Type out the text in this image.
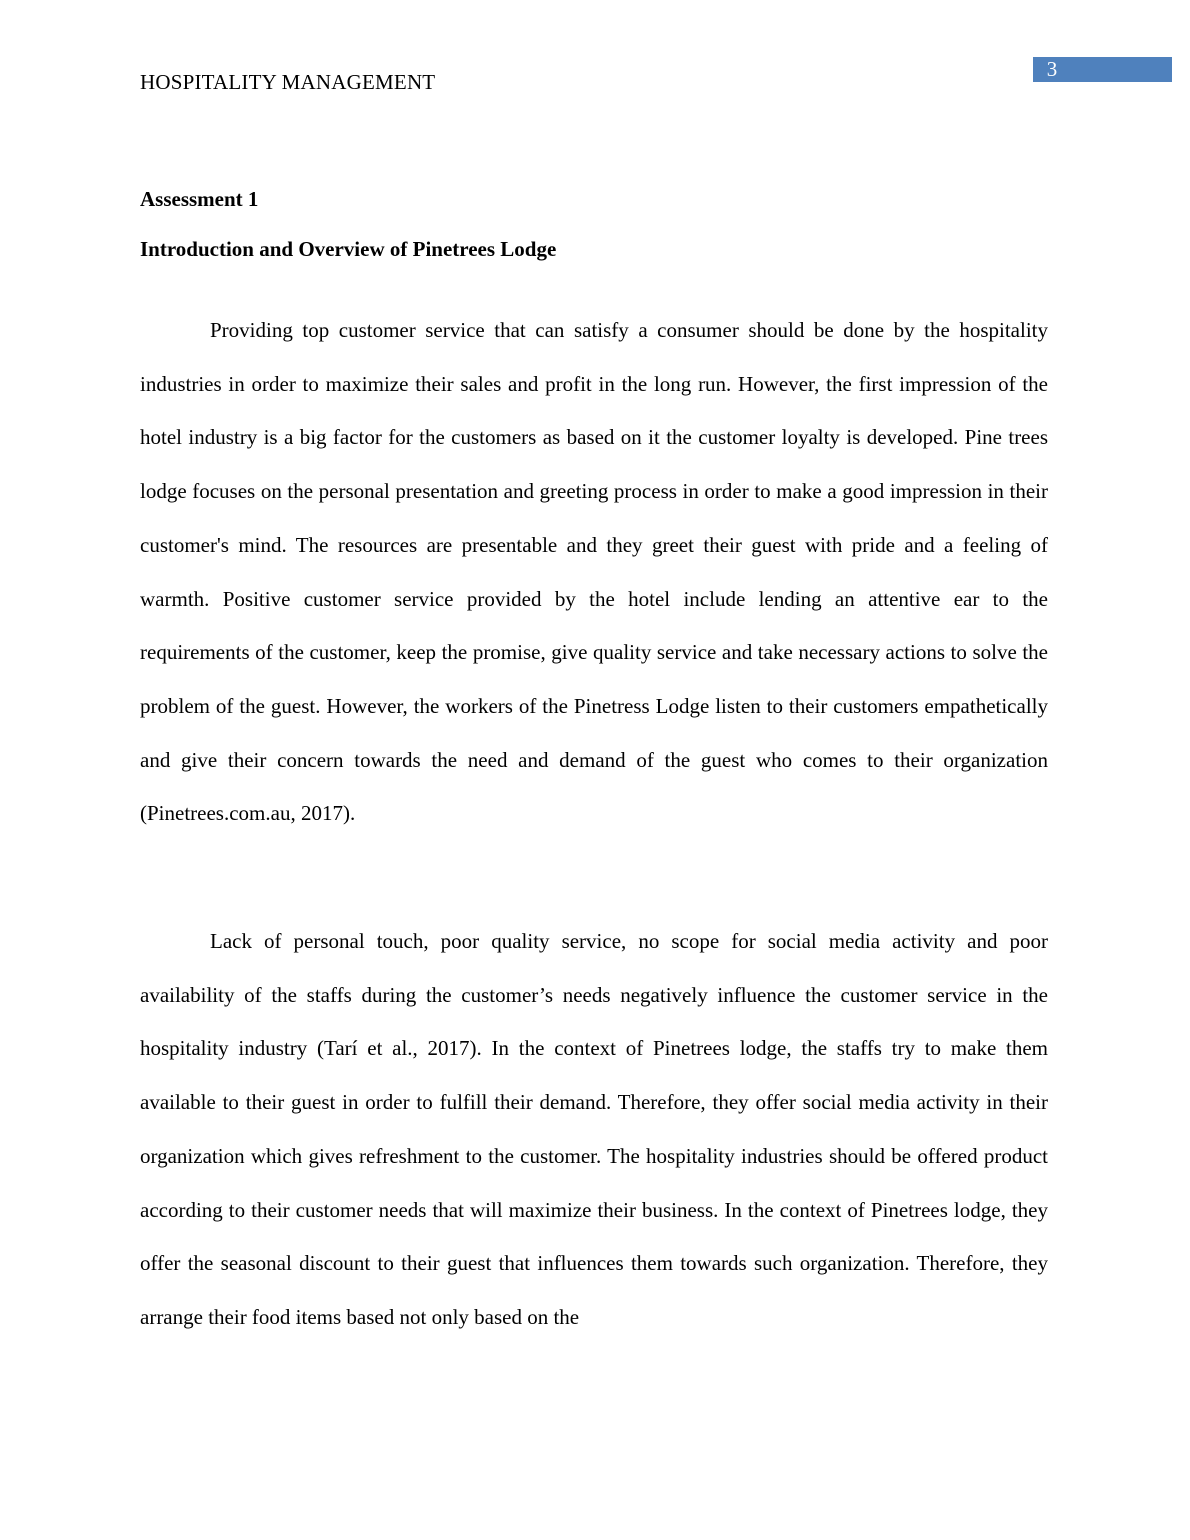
3
HOSPITALITY MANAGEMENT
Assessment 1
Introduction and Overview of Pinetrees Lodge

Providing top customer service that can satisfy a consumer should be done by the hospitality industries in order to maximize their sales and profit in the long run. However, the first impression of the hotel industry is a big factor for the customers as based on it the customer loyalty is developed. Pine trees lodge focuses on the personal presentation and greeting process in order to make a good impression in their customer's mind. The resources are presentable and they greet their guest with pride and a feeling of warmth. Positive customer service provided by the hotel include lending an attentive ear to the requirements of the customer, keep the promise, give quality service and take necessary actions to solve the problem of the guest. However, the workers of the Pinetress Lodge listen to their customers empathetically and give their concern towards the need and demand of the guest who comes to their organization (Pinetrees.com.au, 2017).

Lack of personal touch, poor quality service, no scope for social media activity and poor availability of the staffs during the customer’s needs negatively influence the customer service in the hospitality industry (Tarí et al., 2017). In the context of Pinetrees lodge, the staffs try to make them available to their guest in order to fulfill their demand. Therefore, they offer social media activity in their organization which gives refreshment to the customer. The hospitality industries should be offered product according to their customer needs that will maximize their business. In the context of Pinetrees lodge, they offer the seasonal discount to their guest that influences them towards such organization. Therefore, they arrange their food items based not only based on the
